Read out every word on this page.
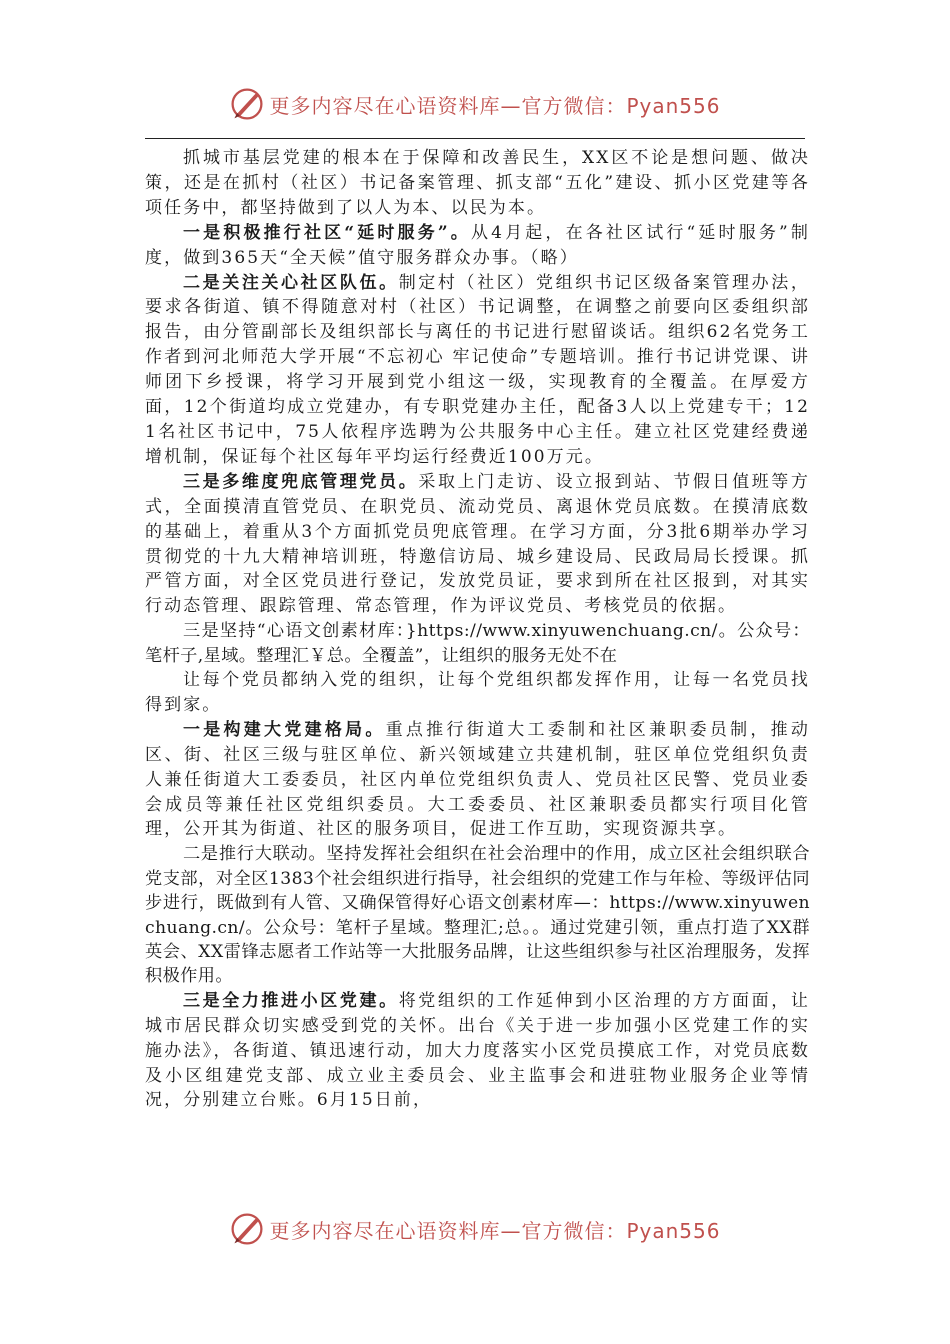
更多内容尽在心语资料库—官方微信：Pyan556

抓城市基层党建的根本在于保障和改善民生，XX区不论是想问题、做决策，还是在抓村（社区）书记备案管理、抓支部“五化”建设、抓小区党建等各项任务中，都坚持做到了以人为本、以民为本。

一是积极推行社区“延时服务”。从4月起，在各社区试行“延时服务”制度，做到365天“全天候”值守服务群众办事。（略）

二是关注关心社区队伍。制定村（社区）党组织书记区级备案管理办法，要求各街道、镇不得随意对村（社区）书记调整，在调整之前要向区委组织部报告，由分管副部长及组织部长与离任的书记进行慰留谈话。组织62名党务工作者到河北师范大学开展“不忘初心 牢记使命”专题培训。推行书记讲党课、讲师团下乡授课，将学习开展到党小组这一级，实现教育的全覆盖。在厚爱方面，12个街道均成立党建办，有专职党建办主任，配备3人以上党建专干；121名社区书记中，75人依程序选聘为公共服务中心主任。建立社区党建经费递增机制，保证每个社区每年平均运行经费近100万元。

三是多维度兜底管理党员。采取上门走访、设立报到站、节假日值班等方式，全面摸清直管党员、在职党员、流动党员、离退休党员底数。在摸清底数的基础上，着重从3个方面抓党员兜底管理。在学习方面，分3批6期举办学习贯彻党的十九大精神培训班，特邀信访局、城乡建设局、民政局局长授课。抓严管方面，对全区党员进行登记，发放党员证，要求到所在社区报到，对其实行动态管理、跟踪管理、常态管理，作为评议党员、考核党员的依据。

三是坚持“心语文创素材库：}https://www.xinyuwenchuang.cn/。公众号：笔杆子,星域。整理汇￥总。全覆盖”，让组织的服务无处不在

让每个党员都纳入党的组织，让每个党组织都发挥作用，让每一名党员找得到家。

一是构建大党建格局。重点推行街道大工委制和社区兼职委员制，推动区、街、社区三级与驻区单位、新兴领域建立共建机制，驻区单位党组织负责人兼任街道大工委委员，社区内单位党组织负责人、党员社区民警、党员业委会成员等兼任社区党组织委员。大工委委员、社区兼职委员都实行项目化管理，公开其为街道、社区的服务项目，促进工作互助，实现资源共享。

二是推行大联动。坚持发挥社会组织在社会治理中的作用，成立区社会组织联合党支部，对全区1383个社会组织进行指导，社会组织的党建工作与年检、等级评估同步进行，既做到有人管、又确保管得好心语文创素材库—：https://www.xinyuwenchuang.cn/。公众号：笔杆子星域。整理汇;总。。通过党建引领，重点打造了XX群英会、XX雷锋志愿者工作站等一大批服务品牌，让这些组织参与社区治理服务，发挥积极作用。

三是全力推进小区党建。将党组织的工作延伸到小区治理的方方面面，让城市居民群众切实感受到党的关怀。出台《关于进一步加强小区党建工作的实施办法》，各街道、镇迅速行动，加大力度落实小区党员摸底工作，对党员底数及小区组建党支部、成立业主委员会、业主监事会和进驻物业服务企业等情况，分别建立台账。6月15日前，

更多内容尽在心语资料库—官方微信：Pyan556
